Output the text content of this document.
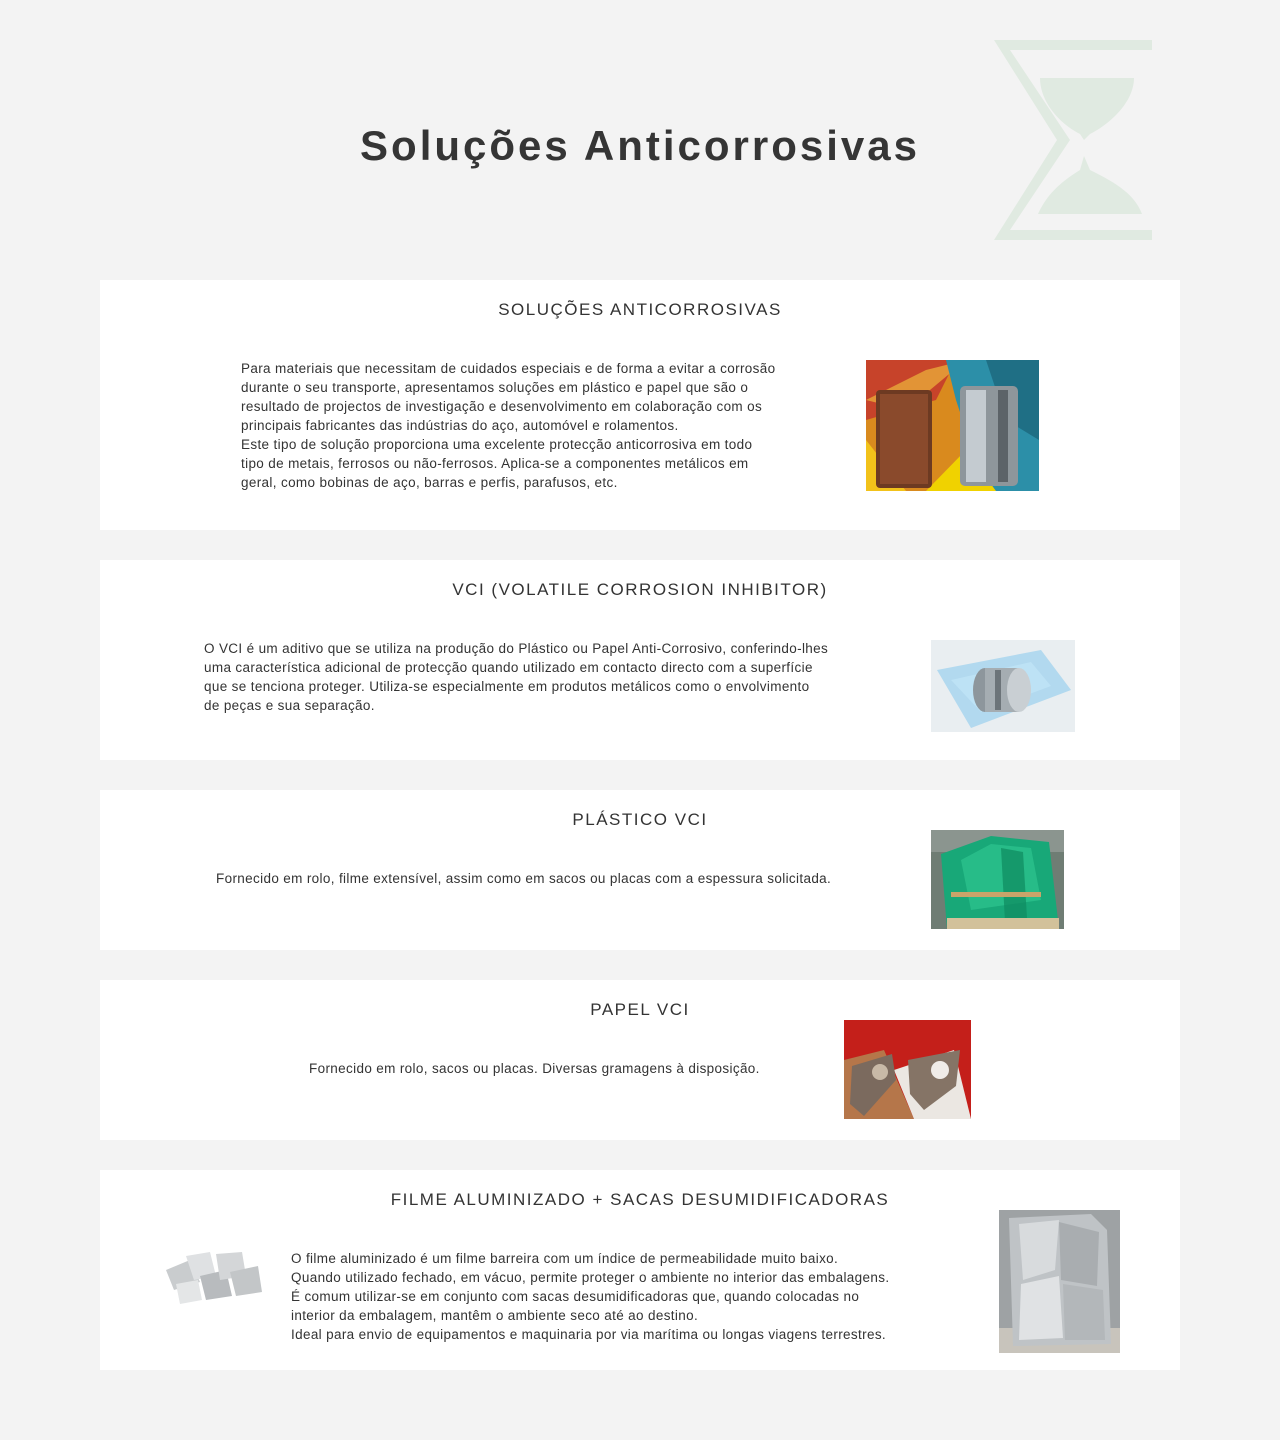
Soluções Anticorrosivas
SOLUÇÕES ANTICORROSIVAS

Para materiais que necessitam de cuidados especiais e de forma a evitar a corrosão
durante o seu transporte, apresentamos soluções em plástico e papel que são o
resultado de projectos de investigação e desenvolvimento em colaboração com os
principais fabricantes das indústrias do aço, automóvel e rolamentos.
Este tipo de solução proporciona uma excelente protecção anticorrosiva em todo
tipo de metais, ferrosos ou não-ferrosos. Aplica-se a componentes metálicos em
geral, como bobinas de aço, barras e perfis, parafusos, etc.

VCI (VOLATILE CORROSION INHIBITOR)

O VCI é um aditivo que se utiliza na produção do Plástico ou Papel Anti-Corrosivo, conferindo-lhes
uma característica adicional de protecção quando utilizado em contacto directo com a superfície
que se tenciona proteger. Utiliza-se especialmente em produtos metálicos como o envolvimento
de peças e sua separação.

PLÁSTICO VCI

Fornecido em rolo, filme extensível, assim como em sacos ou placas com a espessura solicitada.

PAPEL VCI

Fornecido em rolo, sacos ou placas. Diversas gramagens à disposição.

FILME ALUMINIZADO + SACAS DESUMIDIFICADORAS

O filme aluminizado é um filme barreira com um índice de permeabilidade muito baixo.
Quando utilizado fechado, em vácuo, permite proteger o ambiente no interior das embalagens.
É comum utilizar-se em conjunto com sacas desumidificadoras que, quando colocadas no
interior da embalagem, mantêm o ambiente seco até ao destino.
Ideal para envio de equipamentos e maquinaria por via marítima ou longas viagens terrestres.
